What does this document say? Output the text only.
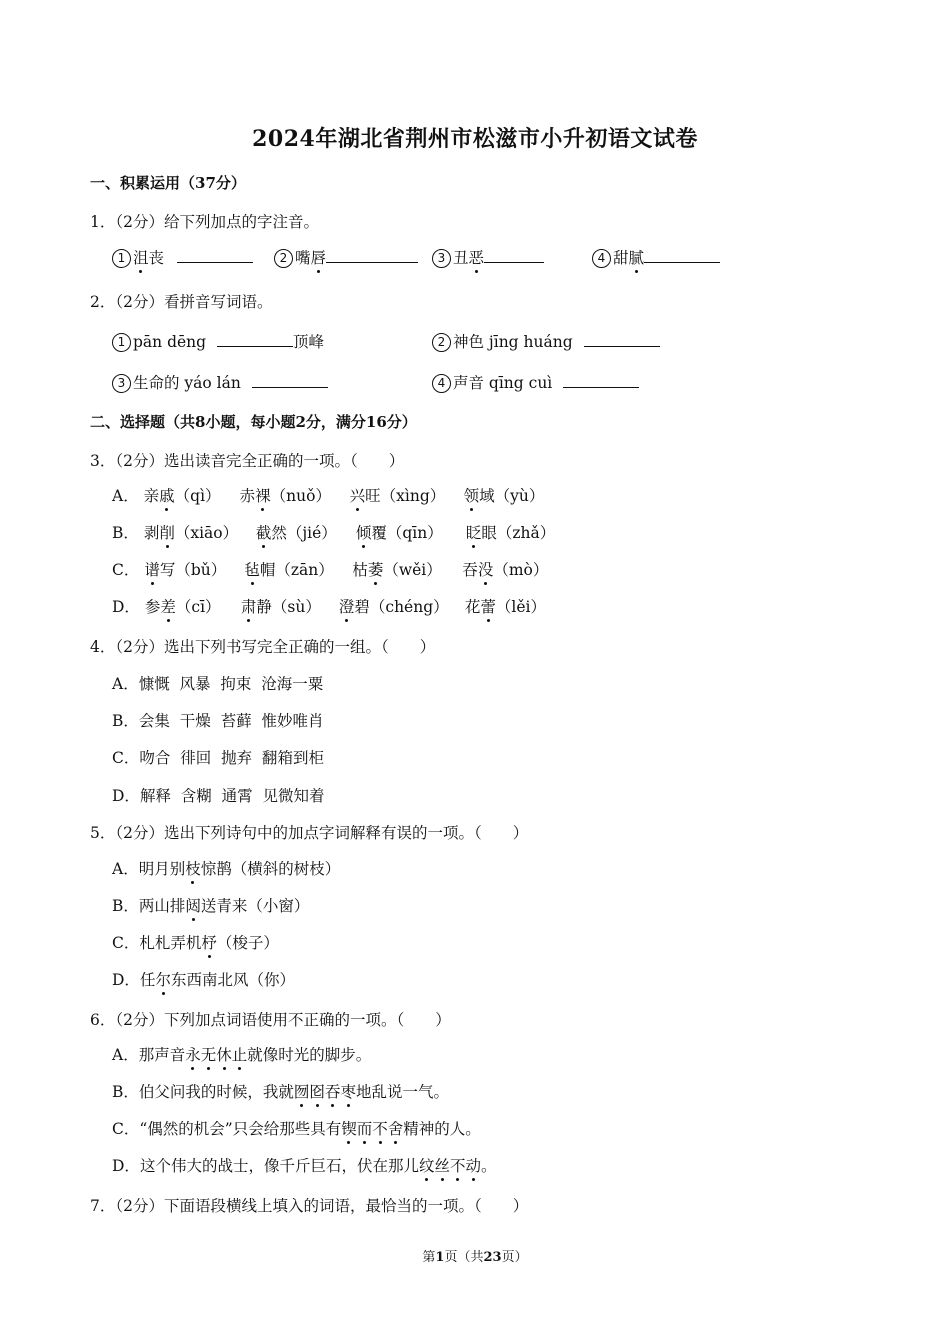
2024年湖北省荆州市松滋市小升初语文试卷
一、积累运用（37分）
1．（2分）给下列加点的字注音。
1 沮丧	2 嘴唇	3 丑恶	4 甜腻
2．（2分）看拼音写词语。
1 pān dēng	顶峰	2 神色 jīng huáng
3 生命的 yáo lán	4 声音 qīng cuì
二、选择题（共8小题，每小题2分，满分16分）
3．（2分）选出读音完全正确的一项。（　　）
A． 亲戚（qì） 赤裸（nuǒ） 兴旺（xìng） 领域（yù）
B． 剥削（xiāo） 截然（jié） 倾覆（qīn） 眨眼（zhǎ）
C． 谱写（bǔ） 毡帽（zān） 枯萎（wěi） 吞没（mò）
D． 参差（cī） 肃静（sù） 澄碧（chéng） 花蕾（lěi）
4．（2分）选出下列书写完全正确的一组。（　　）
A．慷慨  风暴  拘束  沧海一粟
B．会集  干燥  苔藓  惟妙唯肖
C．吻合  徘回  抛弃  翻箱到柜
D．解释  含糊  通霄  见微知着
5．（2分）选出下列诗句中的加点字词解释有误的一项。（　　）
A．明月别枝惊鹊（横斜的树枝）
B．两山排闼送青来（小窗）
C．札札弄机杼（梭子）
D．任尔东西南北风（你）
6．（2分）下列加点词语使用不正确的一项。（　　）
A．那声音永无休止就像时光的脚步。
B．伯父问我的时候，我就囫囵吞枣地乱说一气。
C．“偶然的机会”只会给那些具有锲而不舍精神的人。
D．这个伟大的战士，像千斤巨石，伏在那儿纹丝不动。
7．（2分）下面语段横线上填入的词语，最恰当的一项。（　　）
第1页（共23页）
